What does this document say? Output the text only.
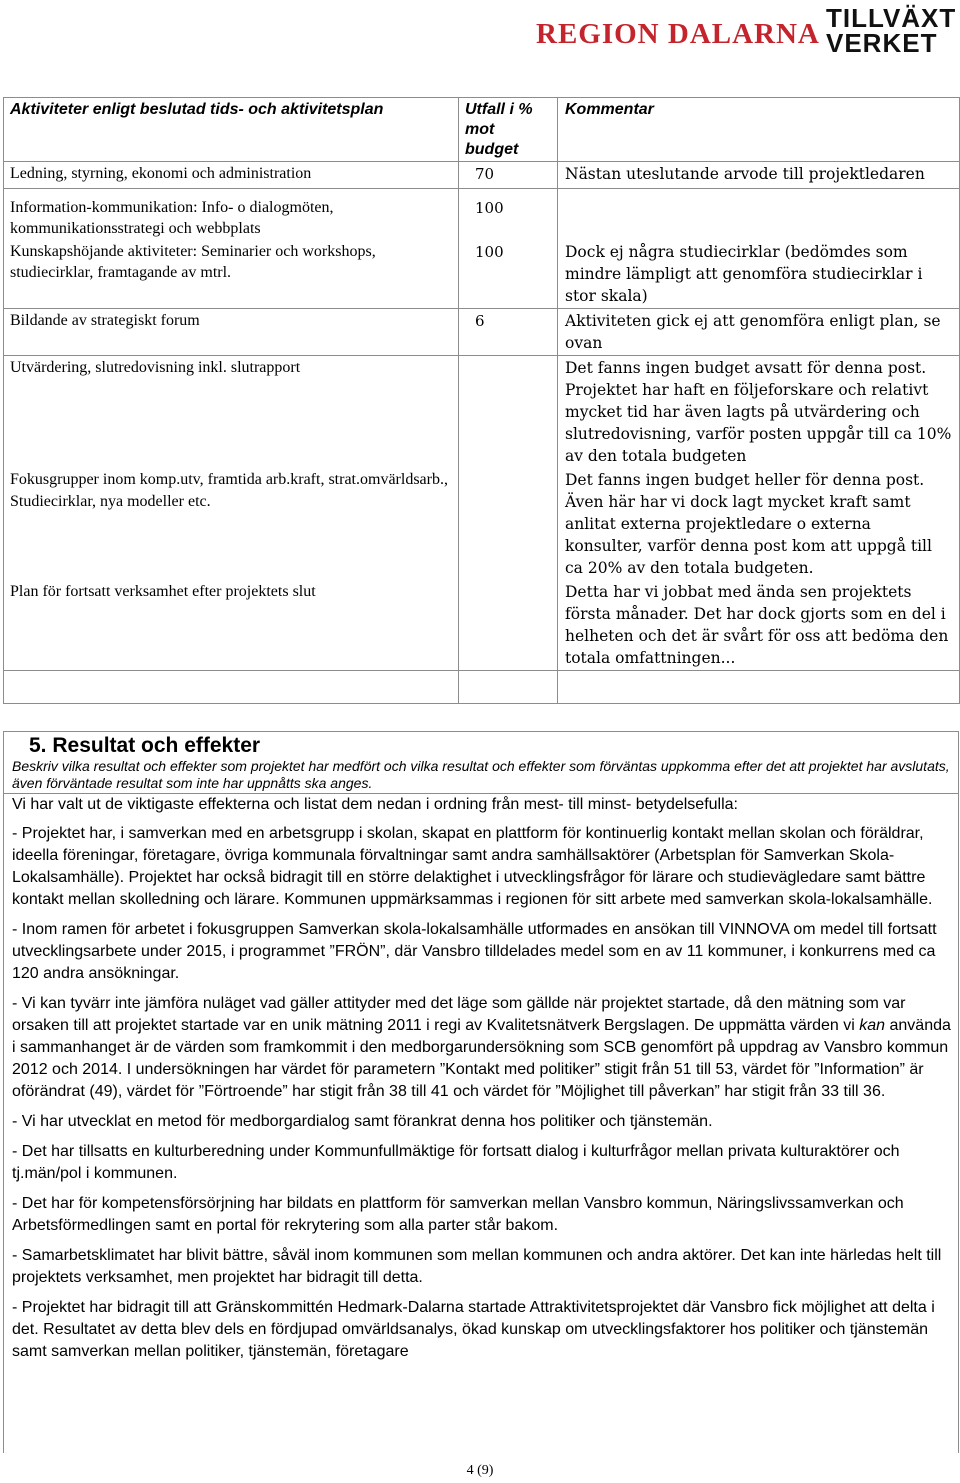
REGION DALARNA TILLVÄXT
VERKET
Aktiviteter enligt beslutad tids- och aktivitetsplan	Utfall i % mot budget	Kommentar
Ledning, styrning, ekonomi och administration	70	Nästan uteslutande arvode till projektledaren
Information-kommunikation: Info- o dialogmöten, kommunikationsstrategi och webbplats	100	
Kunskapshöjande aktiviteter: Seminarier och workshops, studiecirklar, framtagande av mtrl.	100	Dock ej några studiecirklar (bedömdes som mindre lämpligt att genomföra studiecirklar i stor skala)
Bildande av strategiskt forum	6	Aktiviteten gick ej att genomföra enligt plan, se ovan
Utvärdering, slutredovisning inkl. slutrapport		Det fanns ingen budget avsatt för denna post. Projektet har haft en följeforskare och relativt mycket tid har även lagts på utvärdering och slutredovisning, varför posten uppgår till ca 10% av den totala budgeten
Fokusgrupper inom komp.utv, framtida arb.kraft, strat.omvärldsarb., Studiecirklar, nya modeller etc.		Det fanns ingen budget heller för denna post. Även här har vi dock lagt mycket kraft samt anlitat externa projektledare o externa konsulter, varför denna post kom att uppgå till ca 20% av den totala budgeten.
Plan för fortsatt verksamhet efter projektets slut		Detta har vi jobbat med ända sen projektets första månader. Det har dock gjorts som en del i helheten och det är svårt för oss att bedöma den totala omfattningen...

5. Resultat och effekter
Beskriv vilka resultat och effekter som projektet har medfört och vilka resultat och effekter som förväntas uppkomma efter det att projektet har avslutats, även förväntade resultat som inte har uppnåtts ska anges.

Vi har valt ut de viktigaste effekterna och listat dem nedan i ordning från mest- till minst- betydelsefulla:

- Projektet har, i samverkan med en arbetsgrupp i skolan, skapat en plattform för kontinuerlig kontakt mellan skolan och föräldrar, ideella föreningar, företagare, övriga kommunala förvaltningar samt andra samhällsaktörer (Arbetsplan för Samverkan Skola-Lokalsamhälle). Projektet har också bidragit till en större delaktighet i utvecklingsfrågor för lärare och studievägledare samt bättre kontakt mellan skolledning och lärare. Kommunen uppmärksammas i regionen för sitt arbete med samverkan skola-lokalsamhälle.

- Inom ramen för arbetet i fokusgruppen Samverkan skola-lokalsamhälle utformades en ansökan till VINNOVA om medel till fortsatt utvecklingsarbete under 2015, i programmet ”FRÖN”, där Vansbro tilldelades medel som en av 11 kommuner, i konkurrens med ca 120 andra ansökningar.

- Vi kan tyvärr inte jämföra nuläget vad gäller attityder med det läge som gällde när projektet startade, då den mätning som var orsaken till att projektet startade var en unik mätning 2011 i regi av Kvalitetsnätverk Bergslagen. De uppmätta värden vi kan använda i sammanhanget är de värden som framkommit i den medborgarundersökning som SCB genomfört på uppdrag av Vansbro kommun 2012 och 2014. I undersökningen har värdet för parametern ”Kontakt med politiker” stigit från 51 till 53, värdet för ”Information” är oförändrat (49), värdet för ”Förtroende” har stigit från 38 till 41 och värdet för ”Möjlighet till påverkan” har stigit från 33 till 36.

- Vi har utvecklat en metod för medborgardialog samt förankrat denna hos politiker och tjänstemän.

- Det har tillsatts en kulturberedning under Kommunfullmäktige för fortsatt dialog i kulturfrågor mellan privata kulturaktörer och tj.män/pol i kommunen.

- Det har för kompetensförsörjning har bildats en plattform för samverkan mellan Vansbro kommun, Näringslivssamverkan och Arbetsförmedlingen samt en portal för rekrytering som alla parter står bakom.

- Samarbetsklimatet har blivit bättre, såväl inom kommunen som mellan kommunen och andra aktörer. Det kan inte härledas helt till projektets verksamhet, men projektet har bidragit till detta.

- Projektet har bidragit till att Gränskommittén Hedmark-Dalarna startade Attraktivitetsprojektet där Vansbro fick möjlighet att delta i det. Resultatet av detta blev dels en fördjupad omvärldsanalys, ökad kunskap om utvecklingsfaktorer hos politiker och tjänstemän samt samverkan mellan politiker, tjänstemän, företagare

4 (9)
